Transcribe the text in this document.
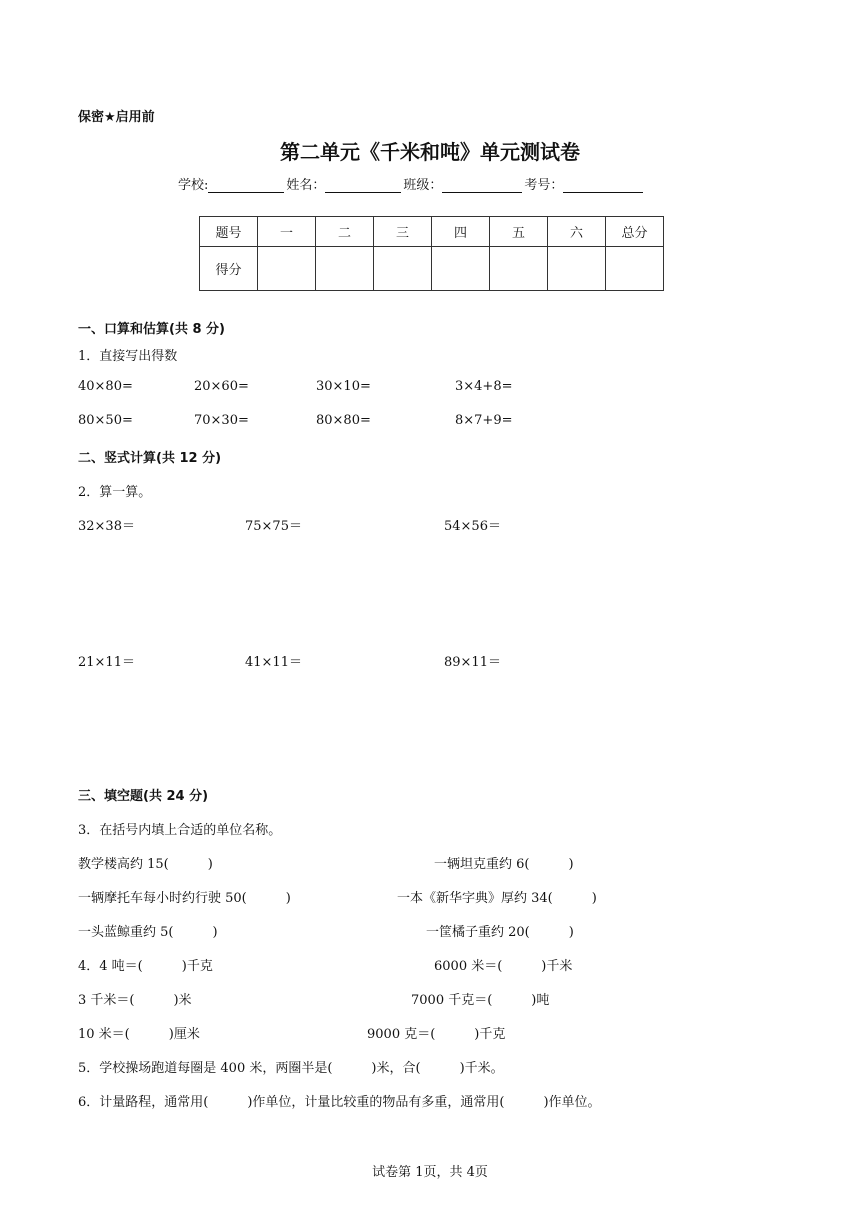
保密★启用前
第二单元《千米和吨》单元测试卷
学校:	姓名：	班级：	考号：
题号	一	二	三	四	五	六	总分
得分							
一、口算和估算(共 8 分)
1．直接写出得数
40×80=	20×60=	30×10=	3×4+8=
80×50=	70×30=	80×80=	8×7+9=
二、竖式计算(共 12 分)
2．算一算。
32×38＝	75×75＝	54×56＝
21×11＝	41×11＝	89×11＝
三、填空题(共 24 分)
3．在括号内填上合适的单位名称。
教学楼高约 15(　　　)	一辆坦克重约 6(　　　)
一辆摩托车每小时约行驶 50(　　　)	一本《新华字典》厚约 34(　　　)
一头蓝鲸重约 5(　　　)	一筐橘子重约 20(　　　)
4．4 吨＝(　　　)千克	6000 米＝(　　　)千米
3 千米＝(　　　)米	7000 千克＝(　　　)吨
10 米＝(　　　)厘米	9000 克＝(　　　)千克
5．学校操场跑道每圈是 400 米，两圈半是(　　　)米，合(　　　)千米。
6．计量路程，通常用(　　　)作单位，计量比较重的物品有多重，通常用(　　　)作单位。
试卷第 1页，共 4页
